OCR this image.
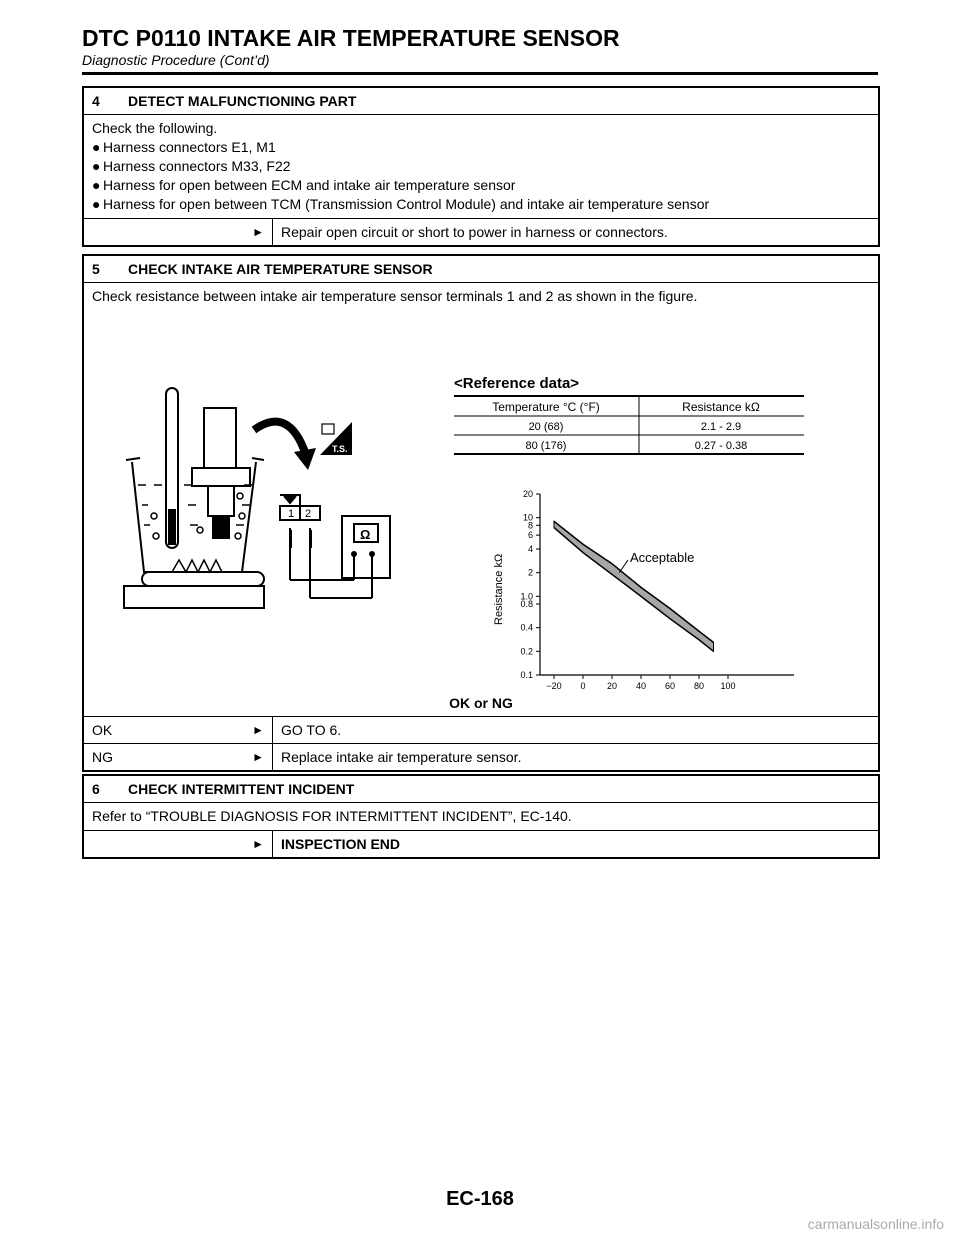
DTC P0110 INTAKE AIR TEMPERATURE SENSOR
Diagnostic Procedure (Cont’d)
4 DETECT MALFUNCTIONING PART
Check the following.
● Harness connectors E1, M1
● Harness connectors M33, F22
● Harness for open between ECM and intake air temperature sensor
● Harness for open between TCM (Transmission Control Module) and intake air temperature sensor
►	Repair open circuit or short to power in harness or connectors.
5 CHECK INTAKE AIR TEMPERATURE SENSOR
Check resistance between intake air temperature sensor terminals 1 and 2 as shown in the figure.
T.S.
1 2
Ω
<Reference data>
Temperature °C (°F)	Resistance kΩ
20 (68)	2.1 - 2.9
80 (176)	0.27 - 0.38
Acceptable
Resistance kΩ
20
10
8
6
4
2
1.0
0.8
0.4
0.2
0.1
−20 0 20 40 60 80 100
OK or NG
OK	►	GO TO 6.
NG	►	Replace intake air temperature sensor.
6 CHECK INTERMITTENT INCIDENT
Refer to “TROUBLE DIAGNOSIS FOR INTERMITTENT INCIDENT”, EC-140.
►	INSPECTION END
EC-168
carmanualsonline.info
